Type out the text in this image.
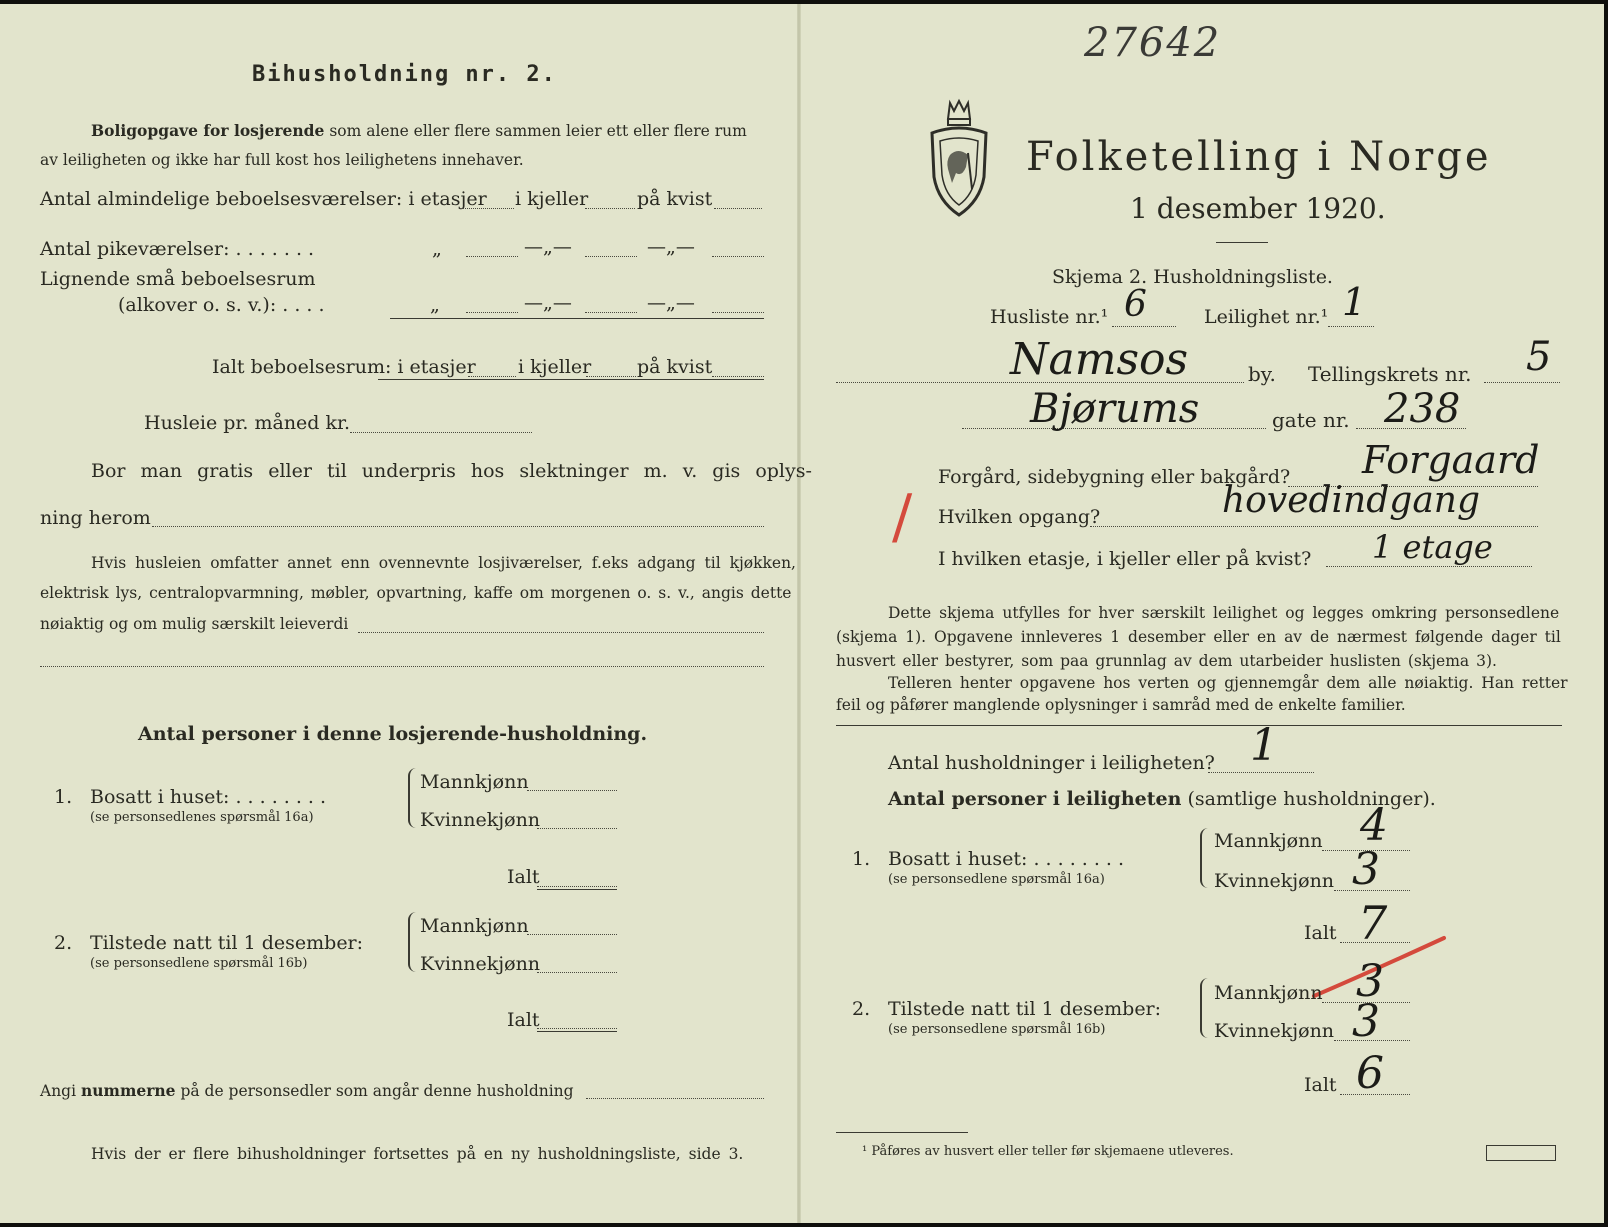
Bihusholdning nr. 2.
Boligopgave for losjerende som alene eller flere sammen leier ett eller flere rum
av leiligheten og ikke har full kost hos leilighetens innehaver.
Antal almindelige beboelsesværelser: i etasjer i kjeller	på kvist
Antal pikeværelser: . . . . . . .	„	—„—	—„—
Lignende små beboelsesrum
(alkover o. s. v.): . . . .	„	—„—	—„—
Ialt beboelsesrum: i etasjer i kjeller på kvist
Husleie pr. måned kr.
Bor man gratis eller til underpris hos slektninger m. v. gis oplys-
ning herom
Hvis husleien omfatter annet enn ovennevnte losjiværelser, f.eks adgang til kjøkken,
elektrisk lys, centralopvarmning, møbler, opvartning, kaffe om morgenen o. s. v., angis dette
nøiaktig og om mulig særskilt leieverdi
Antal personer i denne losjerende-husholdning.
1. Bosatt i huset: . . . . . . . .
(se personsedlenes spørsmål 16a)
Mannkjønn
Kvinnekjønn
Ialt
2. Tilstede natt til 1 desember:
(se personsedlene spørsmål 16b)
Mannkjønn
Kvinnekjønn
Ialt
Angi nummerne på de personsedler som angår denne husholdning
Hvis der er flere bihusholdninger fortsettes på en ny husholdningsliste, side 3.
27642
Folketelling i Norge
1 desember 1920.
Skjema 2. Husholdningsliste.
Husliste nr.¹ 6	Leilighet nr.¹ 1
Namsos	by. Tellingskrets nr. 5
Bjørums	gate nr. 238
Forgård, sidebygning eller bakgård? Forgaard
/ Hvilken opgang?	hovedindgang
I hvilken etasje, i kjeller eller på kvist? 1 etage
Dette skjema utfylles for hver særskilt leilighet og legges omkring personsedlene
(skjema 1). Opgavene innleveres 1 desember eller en av de nærmest følgende dager til
husvert eller bestyrer, som paa grunnlag av dem utarbeider huslisten (skjema 3).
Telleren henter opgavene hos verten og gjennemgår dem alle nøiaktig. Han retter
feil og påfører manglende oplysninger i samråd med de enkelte familier.
Antal husholdninger i leiligheten? 1
Antal personer i leiligheten (samtlige husholdninger).
1. Bosatt i huset: . . . . . . . .
(se personsedlene spørsmål 16a)
Mannkjønn 4
Kvinnekjønn 3
Ialt 7
2. Tilstede natt til 1 desember:
(se personsedlene spørsmål 16b)
Mannkjønn 3
Kvinnekjønn 3
Ialt 6
¹ Påføres av husvert eller teller før skjemaene utleveres.
